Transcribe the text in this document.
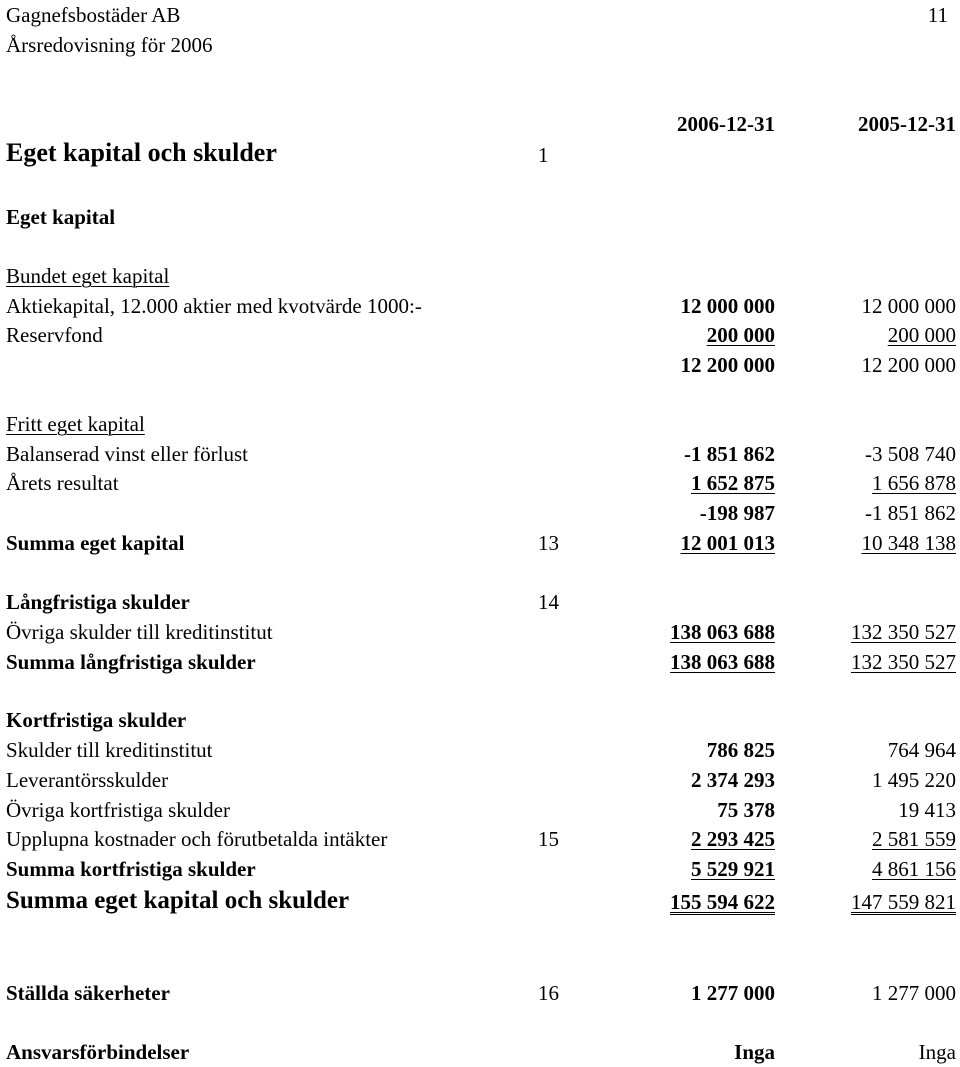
Gagnefsbostäder AB
Årsredovisning för 2006
11
2006-12-31	2005-12-31
Eget kapital och skulder	1
Eget kapital
Bundet eget kapital
Aktiekapital, 12.000 aktier med kvotvärde 1000:-	12 000 000	12 000 000
Reservfond	200 000	200 000
12 200 000	12 200 000
Fritt eget kapital
Balanserad vinst eller förlust	-1 851 862	-3 508 740
Årets resultat	1 652 875	1 656 878
-198 987	-1 851 862
Summa eget kapital	13	12 001 013	10 348 138
Långfristiga skulder	14
Övriga skulder till kreditinstitut	138 063 688	132 350 527
Summa långfristiga skulder	138 063 688	132 350 527
Kortfristiga skulder
Skulder till kreditinstitut	786 825	764 964
Leverantörsskulder	2 374 293	1 495 220
Övriga kortfristiga skulder	75 378	19 413
Upplupna kostnader och förutbetalda intäkter	15	2 293 425	2 581 559
Summa kortfristiga skulder	5 529 921	4 861 156
Summa eget kapital och skulder	155 594 622	147 559 821
Ställda säkerheter	16	1 277 000	1 277 000
Ansvarsförbindelser	Inga	Inga
